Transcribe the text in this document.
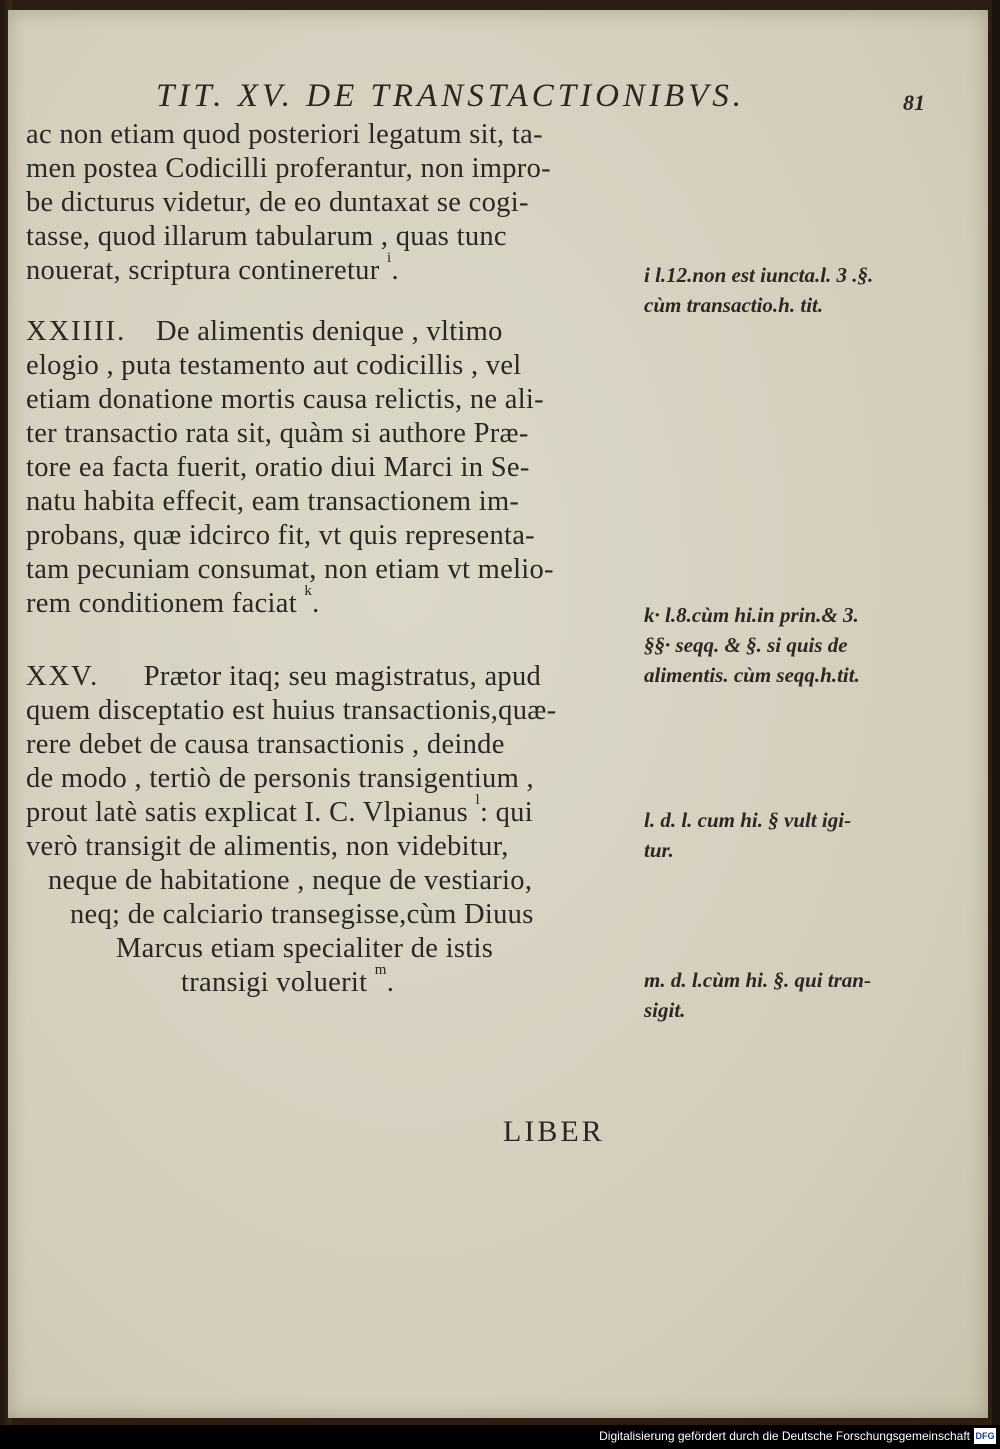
TIT. XV. DE TRANSTACTIONIBVS.	81
ac non etiam quod posteriori legatum sit, ta-
men postea Codicilli proferantur, non impro-
be dicturus videtur, de eo duntaxat se cogi-
tasse, quod illarum tabularum , quas tunc
nouerat, scriptura contineretur $^i$.
XXIIII. De alimentis denique , vltimo
elogio , puta testamento aut codicillis , vel
etiam donatione mortis causa relictis, ne ali-
ter transactio rata sit, quàm si authore Præ-
tore ea facta fuerit, oratio diui Marci in Se-
natu habita effecit, eam transactionem im-
probans, quæ idcirco fit, vt quis representa-
tam pecuniam consumat, non etiam vt melio-
rem conditionem faciat $^k$.
XXV. Prætor itaq; seu magistratus, apud
quem disceptatio est huius transactionis,quæ-
rere debet de causa transactionis , deinde
de modo , tertiò de personis transigentium ,
prout latè satis explicat I. C. Vlpianus $^l$: qui
verò transigit de alimentis, non videbitur,
neque de habitatione , neque de vestiario,
neq; de calciario transegisse,cùm Diuus
Marcus etiam specialiter de istis
transigi voluerit $^m$.
i l.12.non est iuncta.l. 3 .§.
cùm transactio.h. tit.
k· l.8.cùm hi.in prin.& 3.
§§· seqq. & §. si quis de
alimentis. cùm seqq.h.tit.
l. d. l. cum hi. § vult igi-
tur.
m. d. l.cùm hi. §. qui tran-
sigit.
LIBER
Digitalisierung gefördert durch die Deutsche Forschungsgemeinschaft DFG
